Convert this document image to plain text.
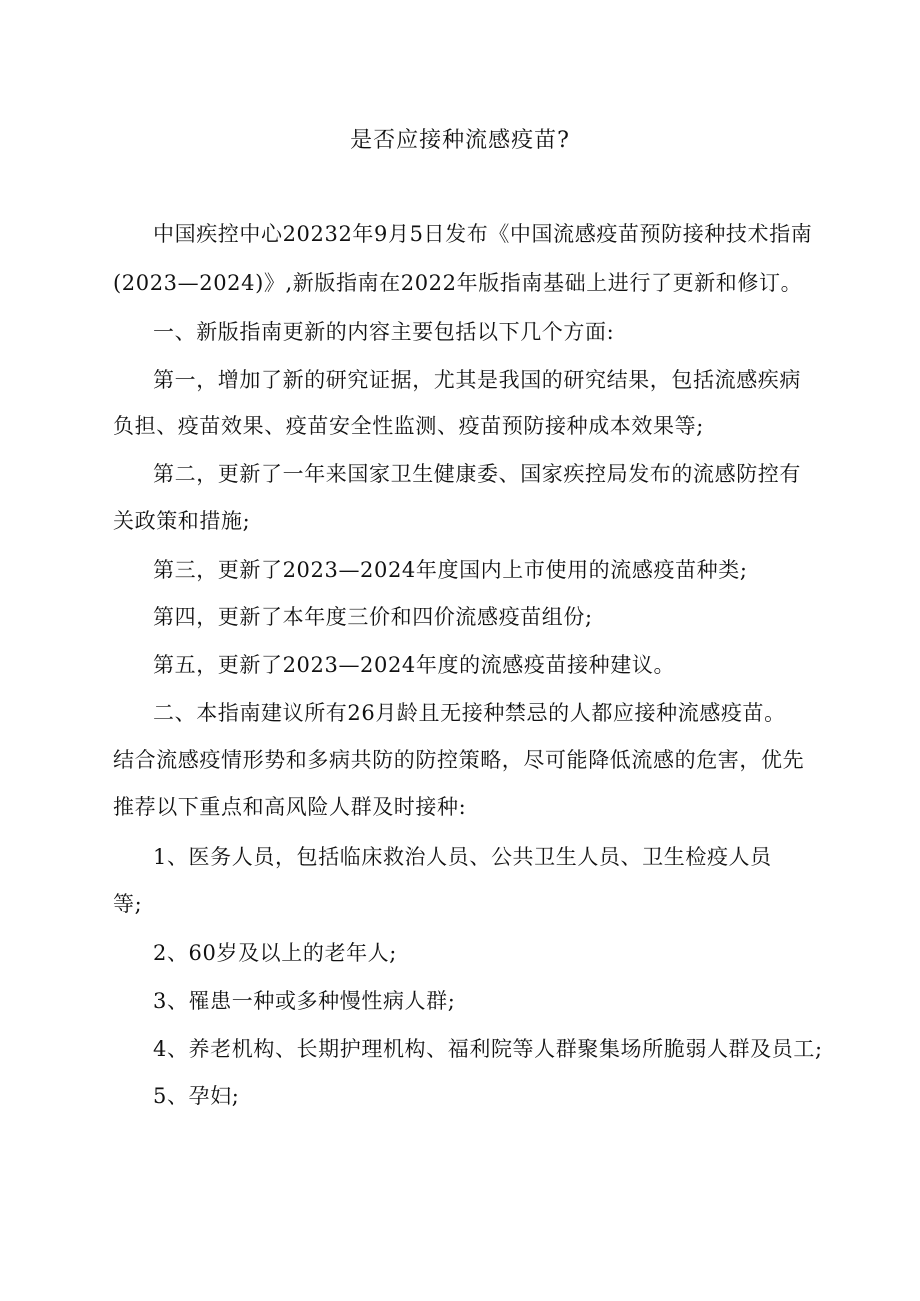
是否应接种流感疫苗?
中国疾控中心20232年9月5日发布《中国流感疫苗预防接种技术指南
(2023—2024)》,新版指南在2022年版指南基础上进行了更新和修订。
一、新版指南更新的内容主要包括以下几个方面:
第一，增加了新的研究证据，尤其是我国的研究结果，包括流感疾病
负担、疫苗效果、疫苗安全性监测、疫苗预防接种成本效果等;
第二，更新了一年来国家卫生健康委、国家疾控局发布的流感防控有
关政策和措施;
第三，更新了2023—2024年度国内上市使用的流感疫苗种类;
第四，更新了本年度三价和四价流感疫苗组份;
第五，更新了2023—2024年度的流感疫苗接种建议。
二、本指南建议所有26月龄且无接种禁忌的人都应接种流感疫苗。
结合流感疫情形势和多病共防的防控策略，尽可能降低流感的危害，优先
推荐以下重点和高风险人群及时接种:
1、医务人员，包括临床救治人员、公共卫生人员、卫生检疫人员
等;
2、60岁及以上的老年人;
3、罹患一种或多种慢性病人群;
4、养老机构、长期护理机构、福利院等人群聚集场所脆弱人群及员工;
5、孕妇;
